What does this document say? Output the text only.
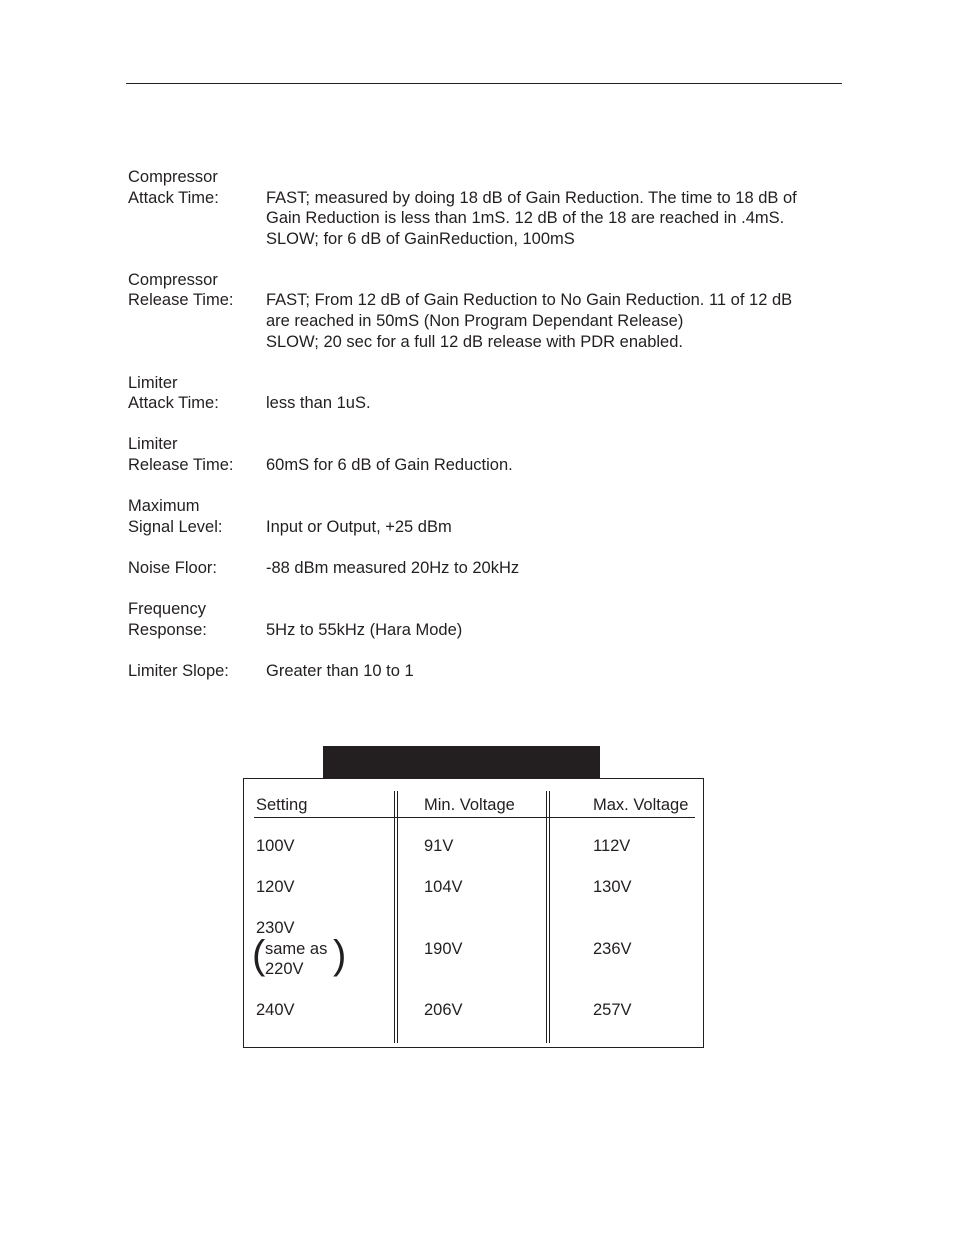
Compressor
Attack Time:	
FAST; measured by doing 18 dB of Gain Reduction. The time to 18 dB of
Gain Reduction is less than 1mS. 12 dB of the 18 are reached in .4mS.
SLOW; for 6 dB of GainReduction, 100mS
Compressor
Release Time:	
FAST; From 12 dB of Gain Reduction to No Gain Reduction. 11 of 12 dB
are reached in 50mS (Non Program Dependant Release)
SLOW; 20 sec for a full 12 dB release with PDR enabled.
Limiter
Attack Time:	
less than 1uS.
Limiter
Release Time:	
60mS for 6 dB of Gain Reduction.
Maximum
Signal Level:	
Input or Output, +25 dBm
Noise Floor:	-88 dBm measured 20Hz to 20kHz
Frequency
Response:	
5Hz to 55kHz (Hara Mode)
Limiter Slope:	Greater than 10 to 1
Setting	Min. Voltage	Max. Voltage
100V	91V	112V
120V	104V	130V
230V
( same as
220V )	190V	236V
240V	206V	257V
